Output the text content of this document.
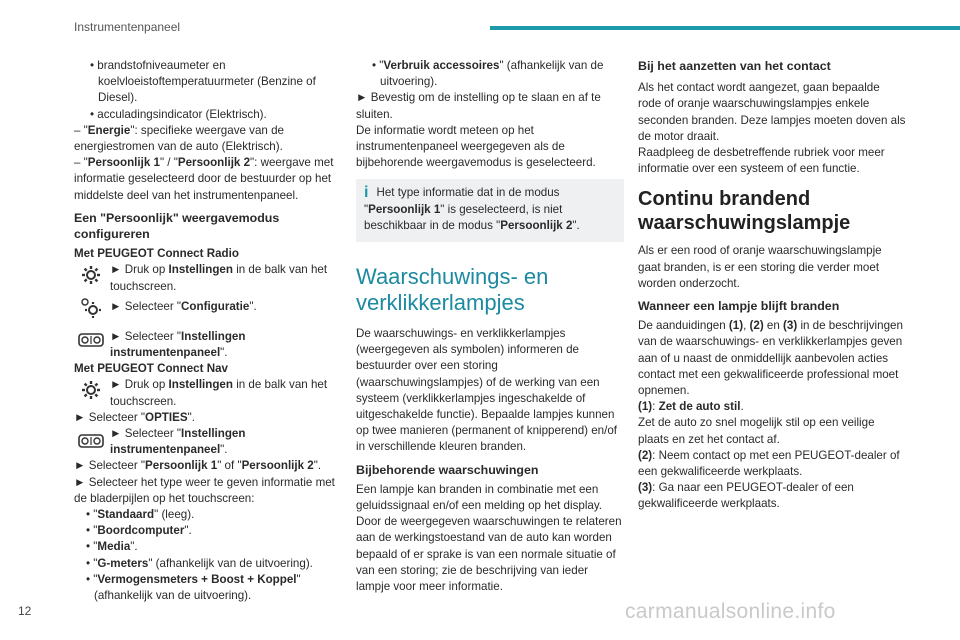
Instrumentenpaneel

• brandstofniveaumeter en koelvloeistoftemperatuurmeter (Benzine of Diesel).

• acculadingsindicator (Elektrisch).

– "Energie": specifieke weergave van de energiestromen van de auto (Elektrisch).

– "Persoonlijk 1" / "Persoonlijk 2": weergave met informatie geselecteerd door de bestuurder op het middelste deel van het instrumentenpaneel.

Een "Persoonlijk" weergavemodus configureren
Met PEUGEOT Connect Radio

► Druk op Instellingen in de balk van het touchscreen.

► Selecteer "Configuratie".

► Selecteer "Instellingen instrumentenpaneel".

Met PEUGEOT Connect Nav

► Druk op Instellingen in de balk van het touchscreen.

► Selecteer "OPTIES".

► Selecteer "Instellingen instrumentenpaneel".

► Selecteer "Persoonlijk 1" of "Persoonlijk 2".

► Selecteer het type weer te geven informatie met de bladerpijlen op het touchscreen:

• "Standaard" (leeg).

• "Boordcomputer".

• "Media".

• "G-meters" (afhankelijk van de uitvoering).

• "Vermogensmeters + Boost + Koppel" (afhankelijk van de uitvoering).

• "Verbruik accessoires" (afhankelijk van de uitvoering).

► Bevestig om de instelling op te slaan en af te sluiten.

De informatie wordt meteen op het instrumentenpaneel weergegeven als de bijbehorende weergavemodus is geselecteerd.

i Het type informatie dat in de modus "Persoonlijk 1" is geselecteerd, is niet beschikbaar in de modus "Persoonlijk 2".
Waarschuwings- en verklikkerlampjes

De waarschuwings- en verklikkerlampjes (weergegeven als symbolen) informeren de bestuurder over een storing (waarschuwingslampjes) of de werking van een systeem (verklikkerlampjes ingeschakelde of uitgeschakelde functie). Bepaalde lampjes kunnen op twee manieren (permanent of knipperend) en/of in verschillende kleuren branden.

Bijbehorende waarschuwingen

Een lampje kan branden in combinatie met een geluidssignaal en/of een melding op het display. Door de weergegeven waarschuwingen te relateren aan de werkingstoestand van de auto kan worden bepaald of er sprake is van een normale situatie of van een storing; zie de beschrijving van ieder lampje voor meer informatie.

Bij het aanzetten van het contact

Als het contact wordt aangezet, gaan bepaalde rode of oranje waarschuwingslampjes enkele seconden branden. Deze lampjes moeten doven als de motor draait.

Raadpleeg de desbetreffende rubriek voor meer informatie over een systeem of een functie.

Continu brandend waarschuwingslampje

Als er een rood of oranje waarschuwingslampje gaat branden, is er een storing die verder moet worden onderzocht.

Wanneer een lampje blijft branden

De aanduidingen (1), (2) en (3) in de beschrijvingen van de waarschuwings- en verklikkerlampjes geven aan of u naast de onmiddellijk aanbevolen acties contact met een gekwalificeerde professional moet opnemen.

(1): Zet de auto stil.

Zet de auto zo snel mogelijk stil op een veilige plaats en zet het contact af.

(2): Neem contact op met een PEUGEOT-dealer of een gekwalificeerde werkplaats.

(3): Ga naar een PEUGEOT-dealer of een gekwalificeerde werkplaats.

12	carmanualsonline.info
